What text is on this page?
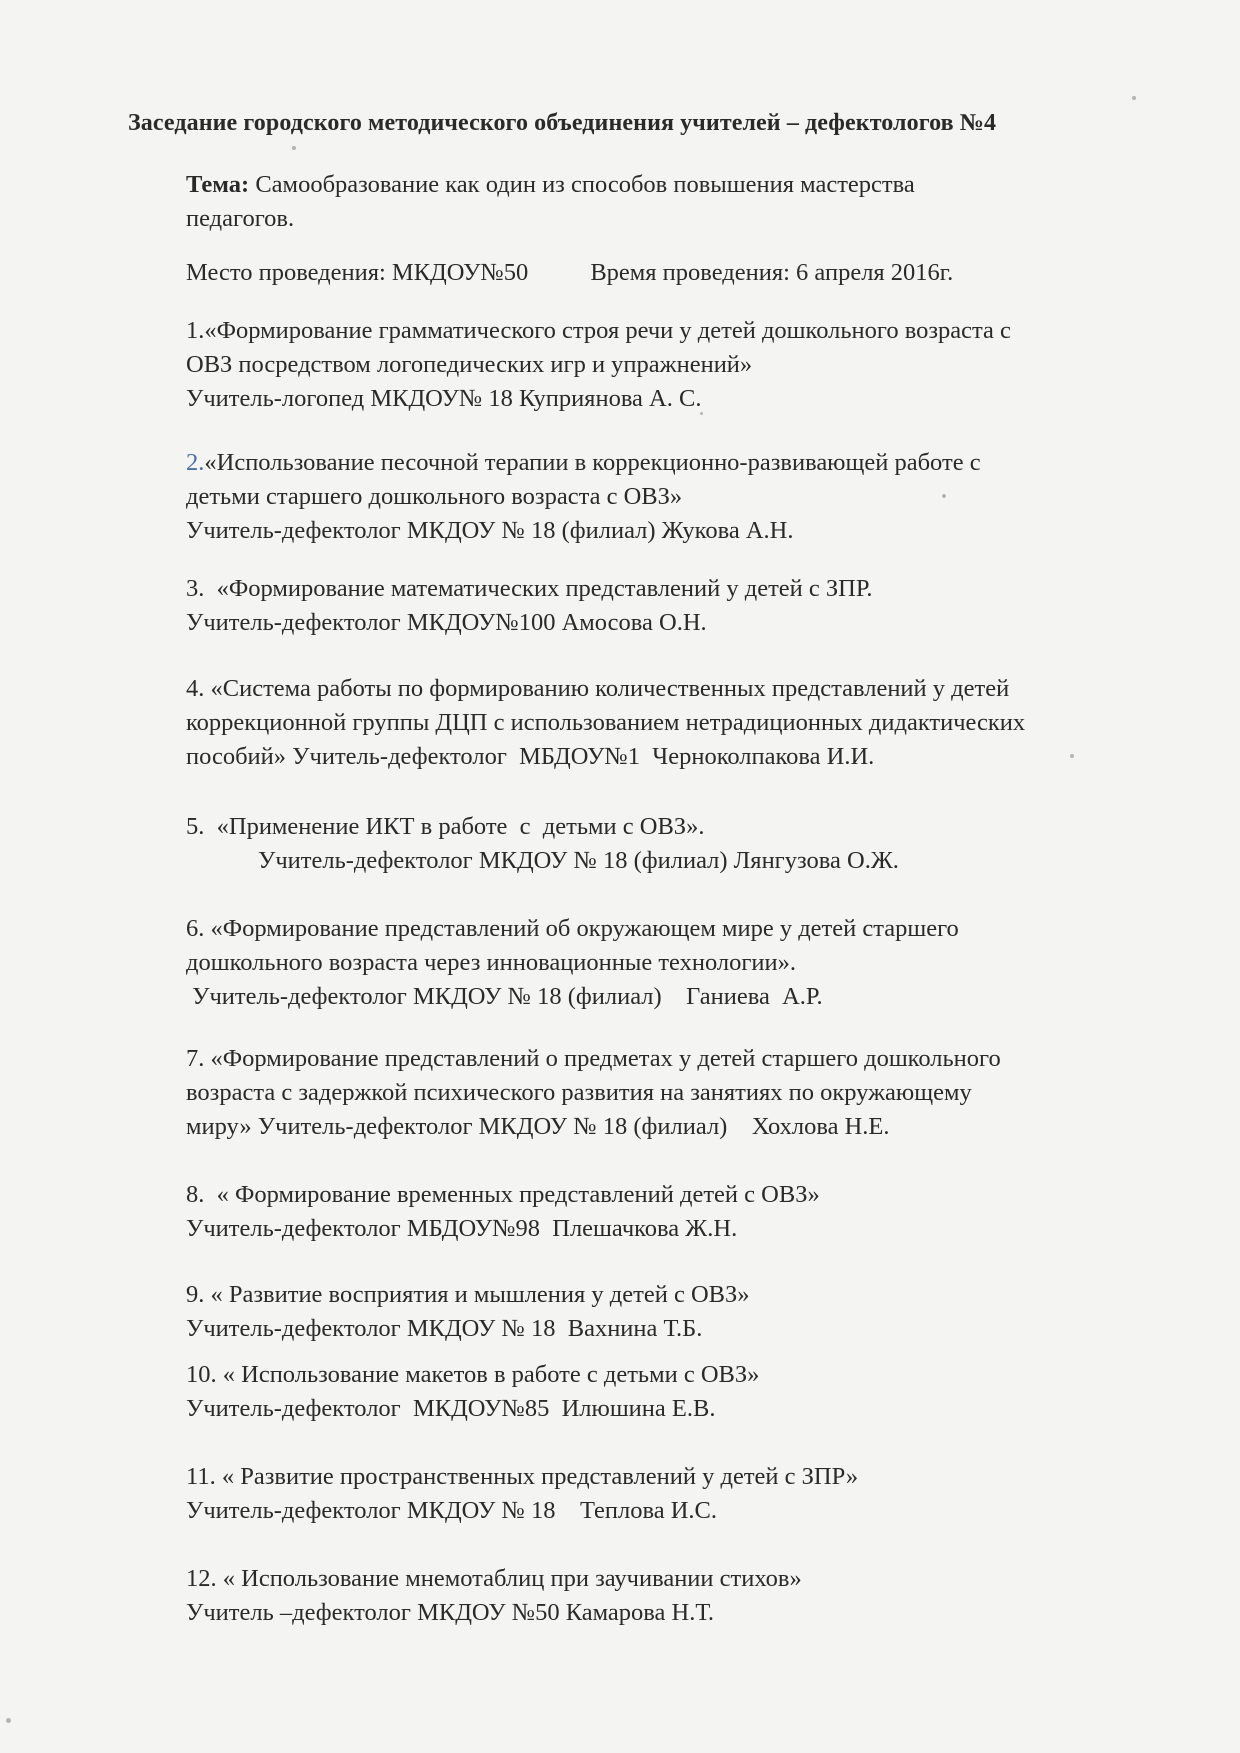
Заседание городского методического объединения учителей – дефектологов №4
Тема: Самообразование как один из способов повышения мастерства
педагогов.
Место проведения: МКДОУ№50	Время проведения: 6 апреля 2016г.
1.«Формирование грамматического строя речи у детей дошкольного возраста с
ОВЗ посредством логопедических игр и упражнений»
Учитель-логопед МКДОУ№ 18 Куприянова А. С.
2.«Использование песочной терапии в коррекционно-развивающей работе с
детьми старшего дошкольного возраста с ОВЗ»
Учитель-дефектолог МКДОУ № 18 (филиал) Жукова А.Н.
3.  «Формирование математических представлений у детей с ЗПР.
Учитель-дефектолог МКДОУ№100 Амосова О.Н.
4. «Система работы по формированию количественных представлений у детей
коррекционной группы ДЦП с использованием нетрадиционных дидактических
пособий» Учитель-дефектолог  МБДОУ№1  Черноколпакова И.И.
5.  «Применение ИКТ в работе  с  детьми с ОВЗ».
Учитель-дефектолог МКДОУ № 18 (филиал) Лянгузова О.Ж.
6. «Формирование представлений об окружающем мире у детей старшего
дошкольного возраста через инновационные технологии».
Учитель-дефектолог МКДОУ № 18 (филиал)    Ганиева  А.Р.
7. «Формирование представлений о предметах у детей старшего дошкольного
возраста с задержкой психического развития на занятиях по окружающему
миру» Учитель-дефектолог МКДОУ № 18 (филиал)    Хохлова Н.Е.
8.  « Формирование временных представлений детей с ОВЗ»
Учитель-дефектолог МБДОУ№98  Плешачкова Ж.Н.
9. « Развитие восприятия и мышления у детей с ОВЗ»
Учитель-дефектолог МКДОУ № 18  Вахнина Т.Б.
10. « Использование макетов в работе с детьми с ОВЗ»
Учитель-дефектолог  МКДОУ№85  Илюшина Е.В.
11. « Развитие пространственных представлений у детей с ЗПР»
Учитель-дефектолог МКДОУ № 18    Теплова И.С.
12. « Использование мнемотаблиц при заучивании стихов»
Учитель –дефектолог МКДОУ №50 Камарова Н.Т.
